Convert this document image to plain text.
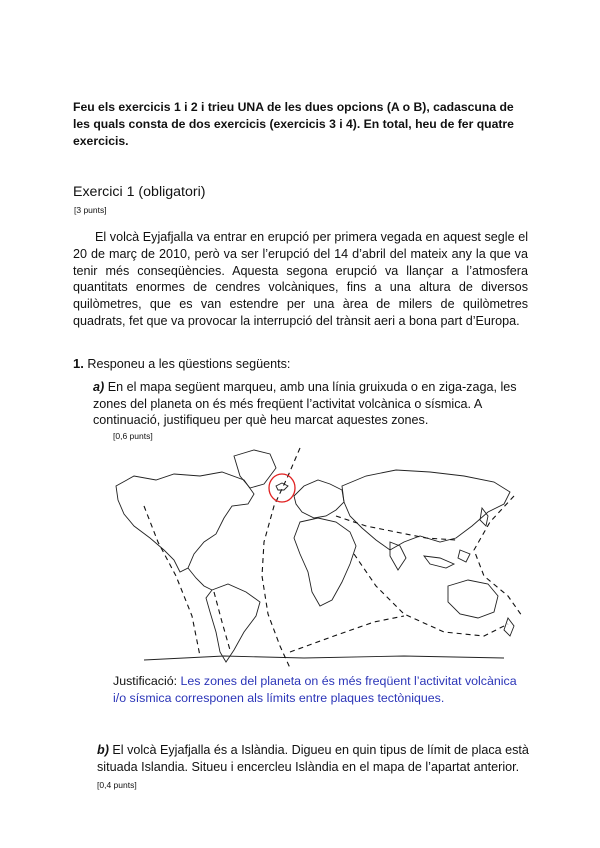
Feu els exercicis 1 i 2 i trieu UNA de les dues opcions (A o B), cadascuna de les quals consta de dos exercicis (exercicis 3 i 4). En total, heu de fer quatre exercicis.

Exercici 1 (obligatori)
[3 punts]

El volcà Eyjafjalla va entrar en erupció per primera vegada en aquest segle el 20 de març de 2010, però va ser l’erupció del 14 d’abril del mateix any la que va tenir més conseqüències. Aquesta segona erupció va llançar a l’atmosfera quantitats enormes de cendres volcàniques, fins a una altura de diversos quilòmetres, que es van estendre per una àrea de milers de quilòmetres quadrats, fet que va provocar la interrupció del trànsit aeri a bona part d’Europa.

1. Responeu a les qüestions següents:

a) En el mapa següent marqueu, amb una línia gruixuda o en ziga-zaga, les zones del planeta on és més freqüent l’activitat volcànica o sísmica. A continuació, justifiqueu per què heu marcat aquestes zones.

[0,6 punts]

Justificació: Les zones del planeta on és més freqüent l’activitat volcànica i/o sísmica corresponen als límits entre plaques tectòniques.

b) El volcà Eyjafjalla és a Islàndia. Digueu en quin tipus de límit de placa està situada Islandia. Situeu i encercleu Islàndia en el mapa de l’apartat anterior. [0,4 punts]
